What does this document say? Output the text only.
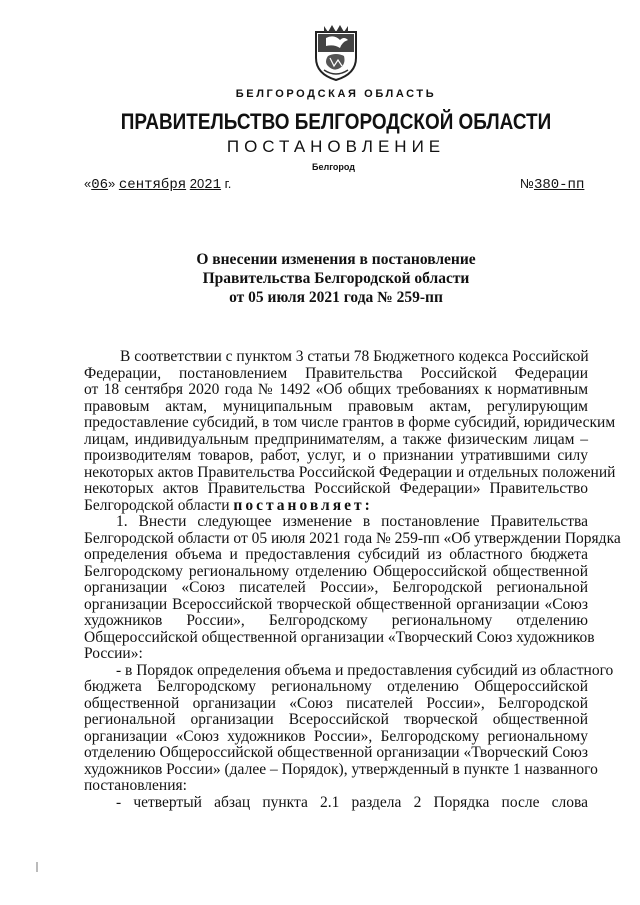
БЕЛГОРОДСКАЯ ОБЛАСТЬ
ПРАВИТЕЛЬСТВО БЕЛГОРОДСКОЙ ОБЛАСТИ
ПОСТАНОВЛЕНИЕ
Белгород
«06» сентября 2021 г.	№380-пп
О внесении изменения в постановление
Правительства Белгородской области
от 05 июля 2021 года № 259-пп
В соответствии с пунктом 3 статьи 78 Бюджетного кодекса Российской
Федерации, постановлением Правительства Российской Федерации
от 18 сентября 2020 года № 1492 «Об общих требованиях к нормативным
правовым актам, муниципальным правовым актам, регулирующим
предоставление субсидий, в том числе грантов в форме субсидий, юридическим
лицам, индивидуальным предпринимателям, а также физическим лицам –
производителям товаров, работ, услуг, и о признании утратившими силу
некоторых актов Правительства Российской Федерации и отдельных положений
некоторых актов Правительства Российской Федерации» Правительство
Белгородской области постановляет:
1. Внести следующее изменение в постановление Правительства
Белгородской области от 05 июля 2021 года № 259-пп «Об утверждении Порядка
определения объема и предоставления субсидий из областного бюджета
Белгородскому региональному отделению Общероссийской общественной
организации «Союз писателей России», Белгородской региональной
организации Всероссийской творческой общественной организации «Союз
художников России», Белгородскому региональному отделению
Общероссийской общественной организации «Творческий Союз художников
России»:
- в Порядок определения объема и предоставления субсидий из областного
бюджета Белгородскому региональному отделению Общероссийской
общественной организации «Союз писателей России», Белгородской
региональной организации Всероссийской творческой общественной
организации «Союз художников России», Белгородскому региональному
отделению Общероссийской общественной организации «Творческий Союз
художников России» (далее – Порядок), утвержденный в пункте 1 названного
постановления:
- четвертый абзац пункта 2.1 раздела 2 Порядка после слова
